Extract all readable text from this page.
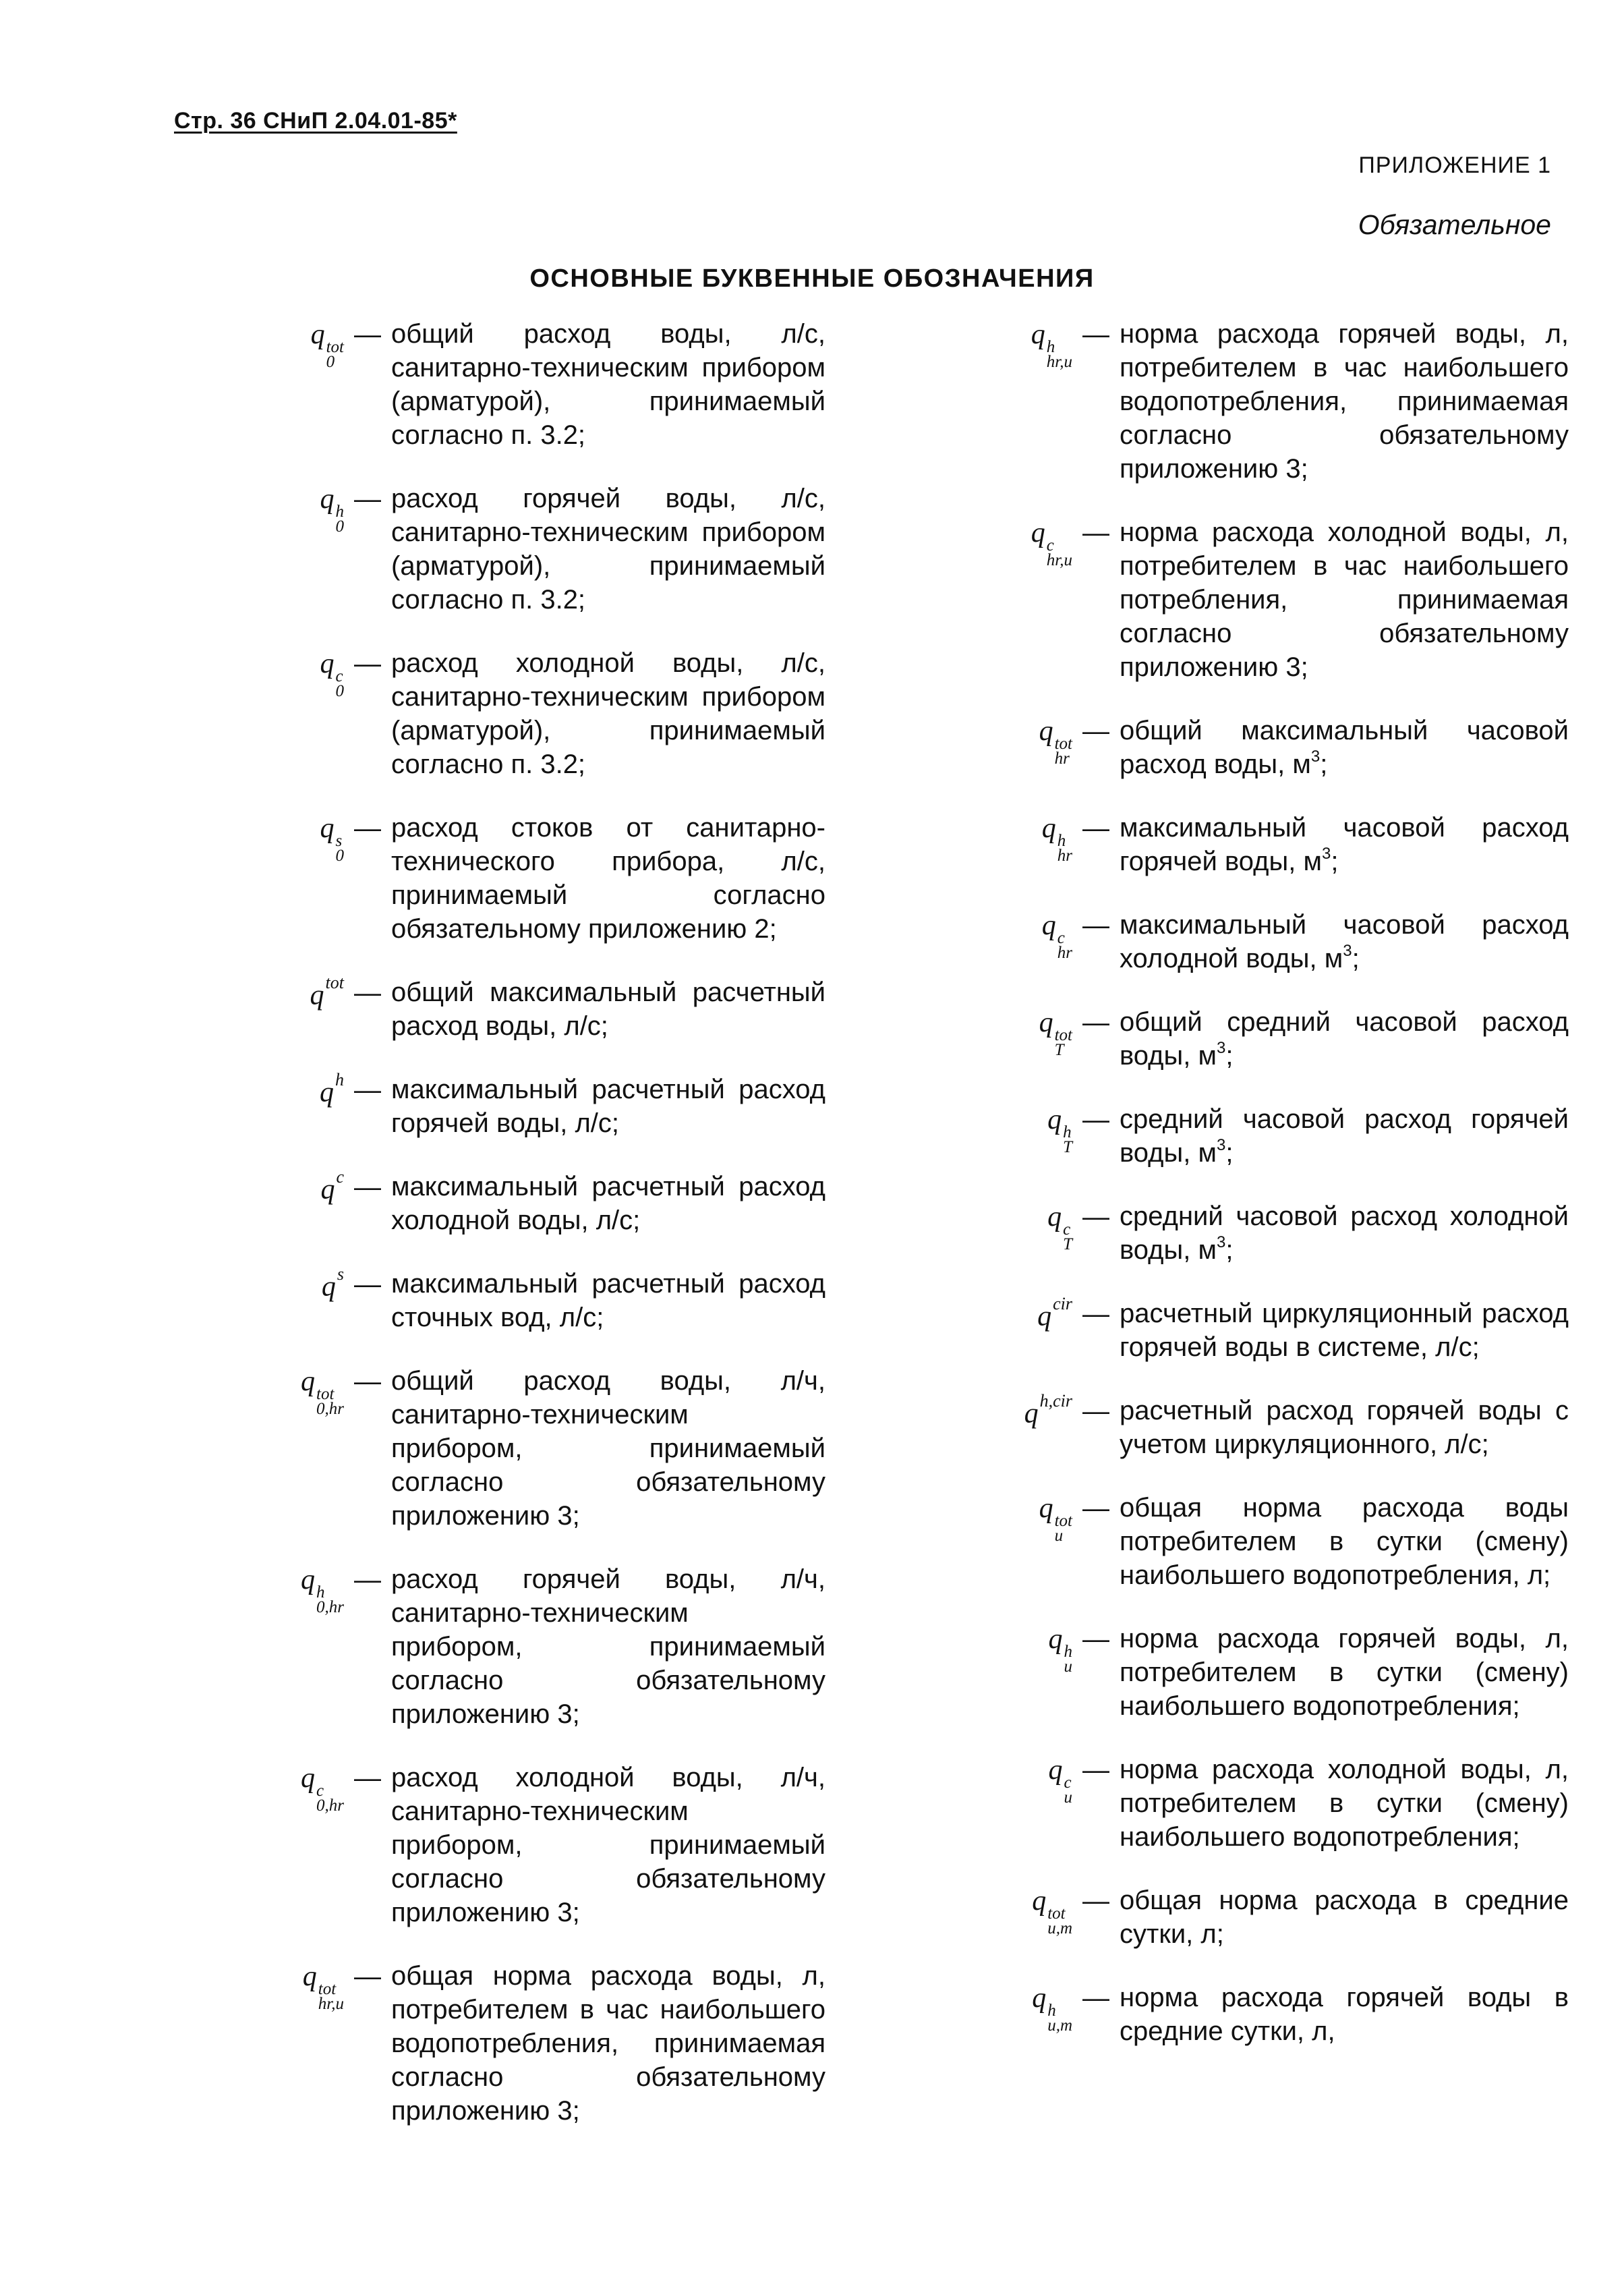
Стр. 36 СНиП 2.04.01-85*
ПРИЛОЖЕНИЕ 1
Обязательное
ОСНОВНЫЕ БУКВЕННЫЕ ОБОЗНАЧЕНИЯ
q tot
0
— общий расход воды, л/с, санитарно-техническим прибором (арматурой), принимаемый согласно п. 3.2;
q h
0
— расход горячей воды, л/с, санитарно-техническим прибором (арматурой), принимаемый согласно п. 3.2;
q c
0
— расход холодной воды, л/с, санитарно-техническим прибором (арматурой), принимаемый согласно п. 3.2;
q s
0
— расход стоков от санитарно-технического прибора, л/с, принимаемый согласно обязательному приложению 2;
$q^{tot}$ — общий максимальный расчетный расход воды, л/с;
$q^h$ — максимальный расчетный расход горячей воды, л/с;
$q^c$ — максимальный расчетный расход холодной воды, л/с;
$q^s$ — максимальный расчетный расход сточных вод, л/с;
q tot
0,hr
— общий расход воды, л/ч, санитарно-техническим прибором, принимаемый согласно обязательному приложению 3;
q h
0,hr
— расход горячей воды, л/ч, санитарно-техническим прибором, принимаемый согласно обязательному приложению 3;
q c
0,hr
— расход холодной воды, л/ч, санитарно-техническим прибором, принимаемый согласно обязательному приложению 3;
q tot
hr,u
— общая норма расхода воды, л, потребителем в час наибольшего водопотребления, принимаемая согласно обязательному приложению 3;
q h
hr,u
— норма расхода горячей воды, л, потребителем в час наибольшего водопотребления, принимаемая согласно обязательному приложению 3;
q c
hr,u
— норма расхода холодной воды, л, потребителем в час наибольшего потребления, принимаемая согласно обязательному приложению 3;
q tot
hr
— общий максимальный часовой расход воды, $м^3$;
q h
hr
— максимальный часовой расход горячей воды, $м^3$;
q c
hr
— максимальный часовой расход холодной воды, $м^3$;
q tot
T
— общий средний часовой расход воды, $м^3$;
q h
T
— средний часовой расход горячей воды, $м^3$;
q c
T
— средний часовой расход холодной воды, $м^3$;
$q^{cir}$ — расчетный циркуляционный расход горячей воды в системе, л/с;
$q^{h,cir}$ — расчетный расход горячей воды с учетом циркуляционного, л/с;
q tot
u
— общая норма расхода воды потребителем в сутки (смену) наибольшего водопотребления, л;
q h
u
— норма расхода горячей воды, л, потребителем в сутки (смену) наибольшего водопотребления;
q c
u
— норма расхода холодной воды, л, потребителем в сутки (смену) наибольшего водопотребления;
q tot
u,m
— общая норма расхода в средние сутки, л;
q h
u,m
— норма расхода горячей воды в средние сутки, л,
